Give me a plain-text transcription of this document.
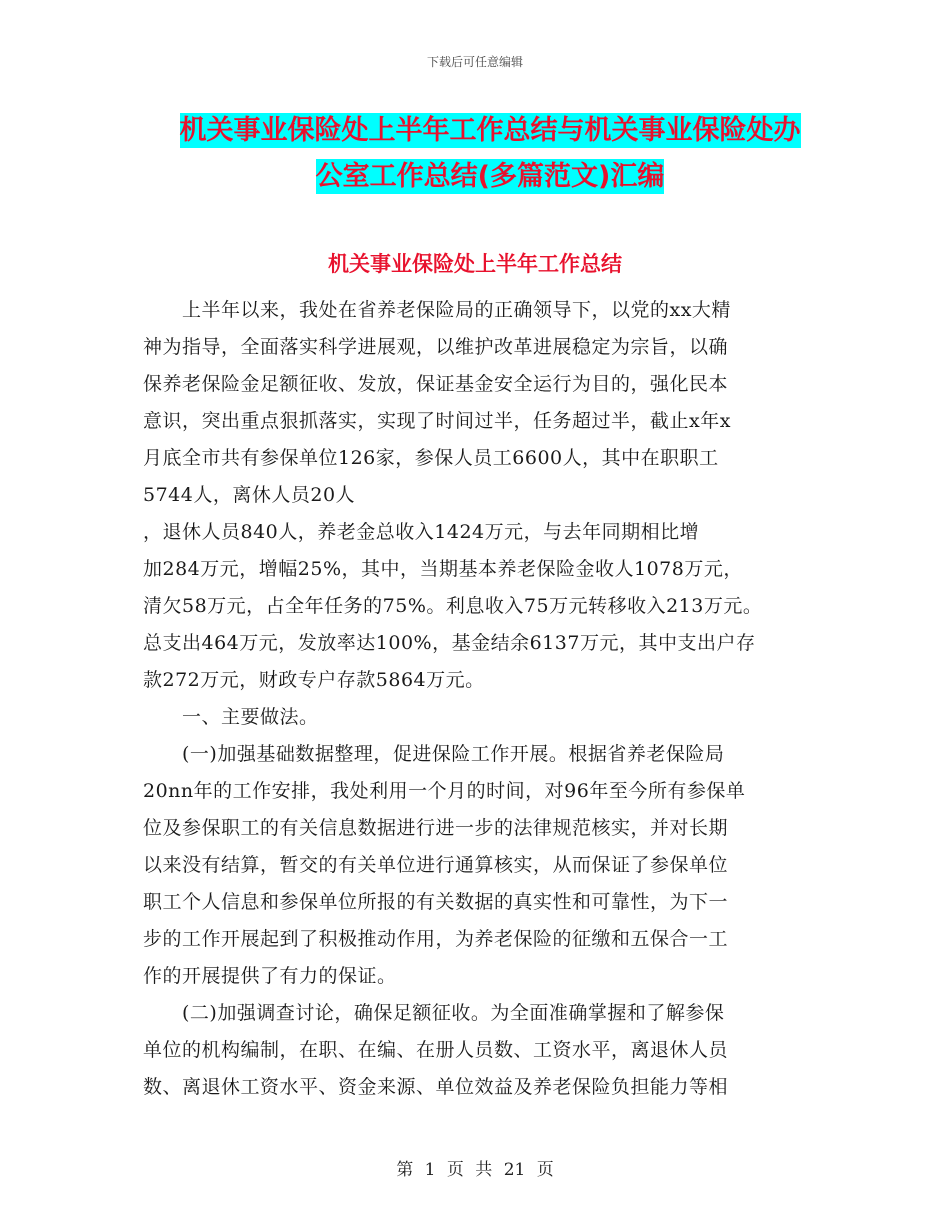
下载后可任意编辑
机关事业保险处上半年工作总结与机关事业保险处办
公室工作总结(多篇范文)汇编
机关事业保险处上半年工作总结

　　上半年以来，我处在省养老保险局的正确领导下，以党的xx大精

神为指导，全面落实科学进展观，以维护改革进展稳定为宗旨，以确

保养老保险金足额征收、发放，保证基金安全运行为目的，强化民本

意识，突出重点狠抓落实，实现了时间过半，任务超过半，截止x年x

月底全市共有参保单位126家，参保人员工6600人，其中在职职工

5744人，离休人员20人

，退休人员840人，养老金总收入1424万元，与去年同期相比增

加284万元，增幅25%，其中，当期基本养老保险金收人1078万元，

清欠58万元，占全年任务的75%。利息收入75万元转移收入213万元。

总支出464万元，发放率达100%，基金结余6137万元，其中支出户存

款272万元，财政专户存款5864万元。

　　一、主要做法。

　　(一)加强基础数据整理，促进保险工作开展。根据省养老保险局

20nn年的工作安排，我处利用一个月的时间，对96年至今所有参保单

位及参保职工的有关信息数据进行进一步的法律规范核实，并对长期

以来没有结算，暂交的有关单位进行通算核实，从而保证了参保单位

职工个人信息和参保单位所报的有关数据的真实性和可靠性，为下一

步的工作开展起到了积极推动作用，为养老保险的征缴和五保合一工

作的开展提供了有力的保证。

　　(二)加强调查讨论，确保足额征收。为全面准确掌握和了解参保

单位的机构编制，在职、在编、在册人员数、工资水平，离退休人员

数、离退休工资水平、资金来源、单位效益及养老保险负担能力等相

第 1 页 共 21 页
